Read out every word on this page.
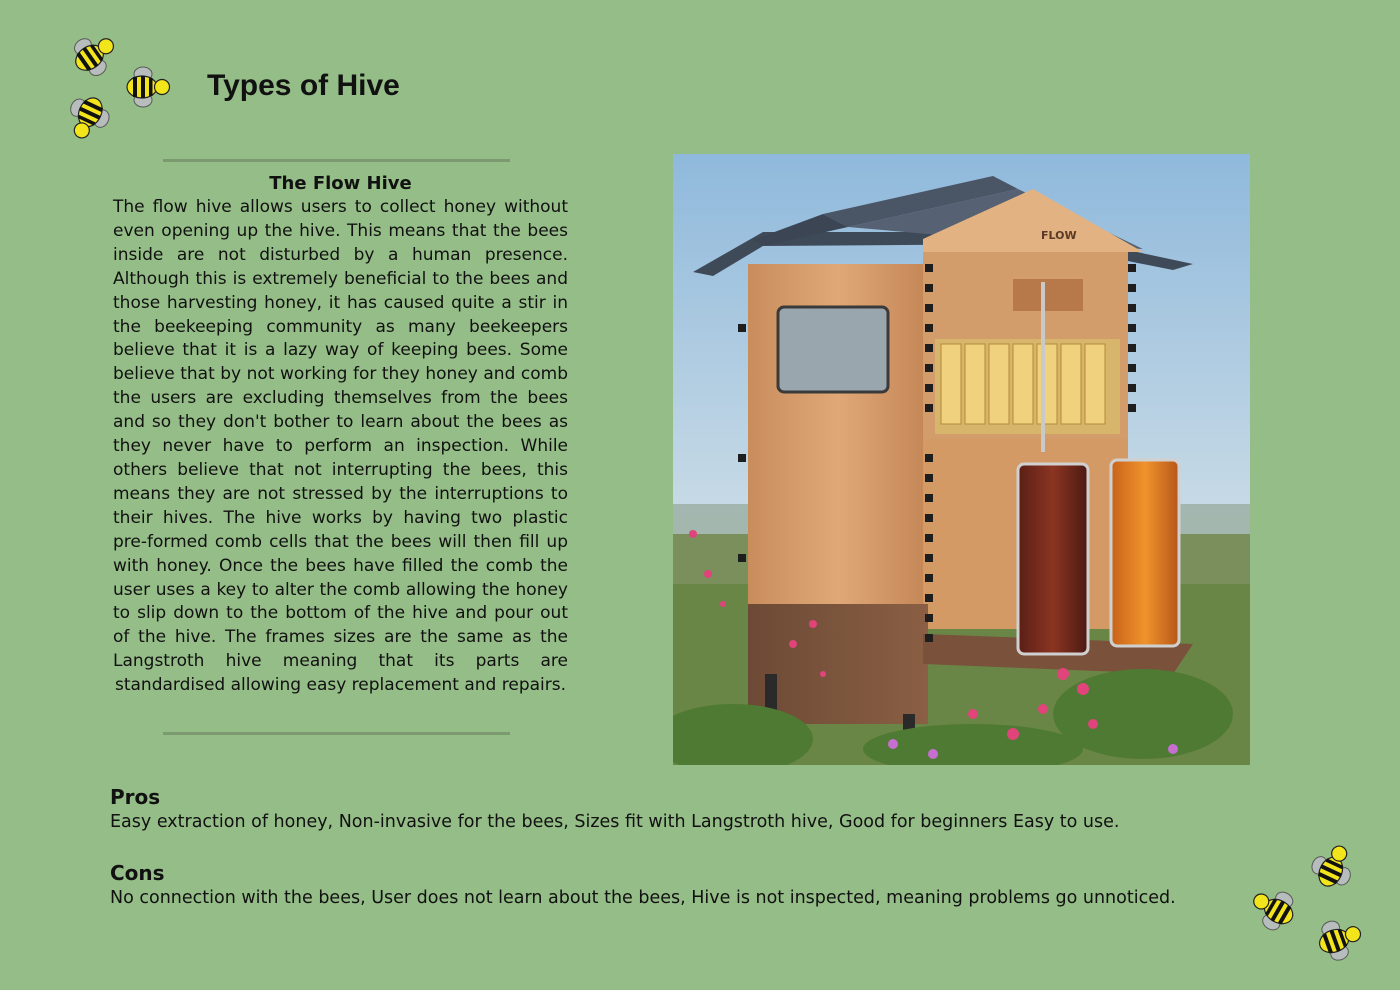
Types of Hive
The Flow Hive

The flow hive allows users to collect honey without even opening up the hive. This means that the bees inside are not disturbed by a human presence. Although this is extremely beneficial to the bees and those harvesting honey, it has caused quite a stir in the beekeeping community as many beekeepers believe that it is a lazy way of keeping bees. Some believe that by not working for they honey and comb the users are excluding themselves from the bees and so they don't bother to learn about the bees as they never have to perform an inspection. While others believe that not interrupting the bees, this means they are not stressed by the interruptions to their hives. The hive works by having two plastic pre-formed comb cells that the bees will then fill up with honey. Once the bees have filled the comb the user uses a key to alter the comb allowing the honey to slip down to the bottom of the hive and pour out of the hive. The frames sizes are the same as the Langstroth hive meaning that its parts are standardised allowing easy replacement and repairs.

FLOW
Pros
Easy extraction of honey, Non-invasive for the bees, Sizes fit with Langstroth hive, Good for beginners Easy to use.
Cons
No connection with the bees, User does not learn about the bees, Hive is not inspected, meaning problems go unnoticed.
